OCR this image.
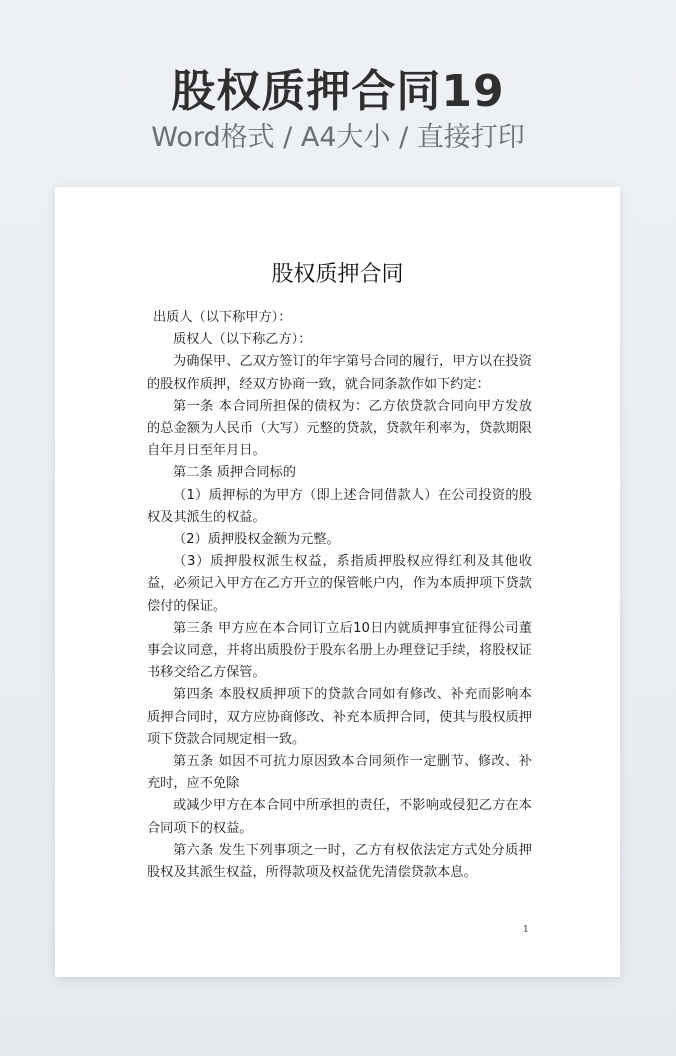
股权质押合同19
Word格式 / A4大小 / 直接打印
股权质押合同

出质人（以下称甲方）：

质权人（以下称乙方）：

为确保甲、乙双方签订的年字第号合同的履行，甲方以在投资的股权作质押，经双方协商一致，就合同条款作如下约定：

第一条 本合同所担保的债权为：乙方依贷款合同向甲方发放的总金额为人民币（大写）元整的贷款，贷款年利率为，贷款期限自年月日至年月日。

第二条 质押合同标的

（1）质押标的为甲方（即上述合同借款人）在公司投资的股权及其派生的权益。

（2）质押股权金额为元整。

（3）质押股权派生权益，系指质押股权应得红利及其他收益，必须记入甲方在乙方开立的保管帐户内，作为本质押项下贷款偿付的保证。

第三条 甲方应在本合同订立后10日内就质押事宜征得公司董事会议同意，并将出质股份于股东名册上办理登记手续，将股权证书移交给乙方保管。

第四条 本股权质押项下的贷款合同如有修改、补充而影响本质押合同时，双方应协商修改、补充本质押合同，使其与股权质押项下贷款合同规定相一致。

第五条 如因不可抗力原因致本合同须作一定删节、修改、补充时，应不免除

或减少甲方在本合同中所承担的责任，不影响或侵犯乙方在本合同项下的权益。

第六条 发生下列事项之一时，乙方有权依法定方式处分质押股权及其派生权益，所得款项及权益优先清偿贷款本息。

1
